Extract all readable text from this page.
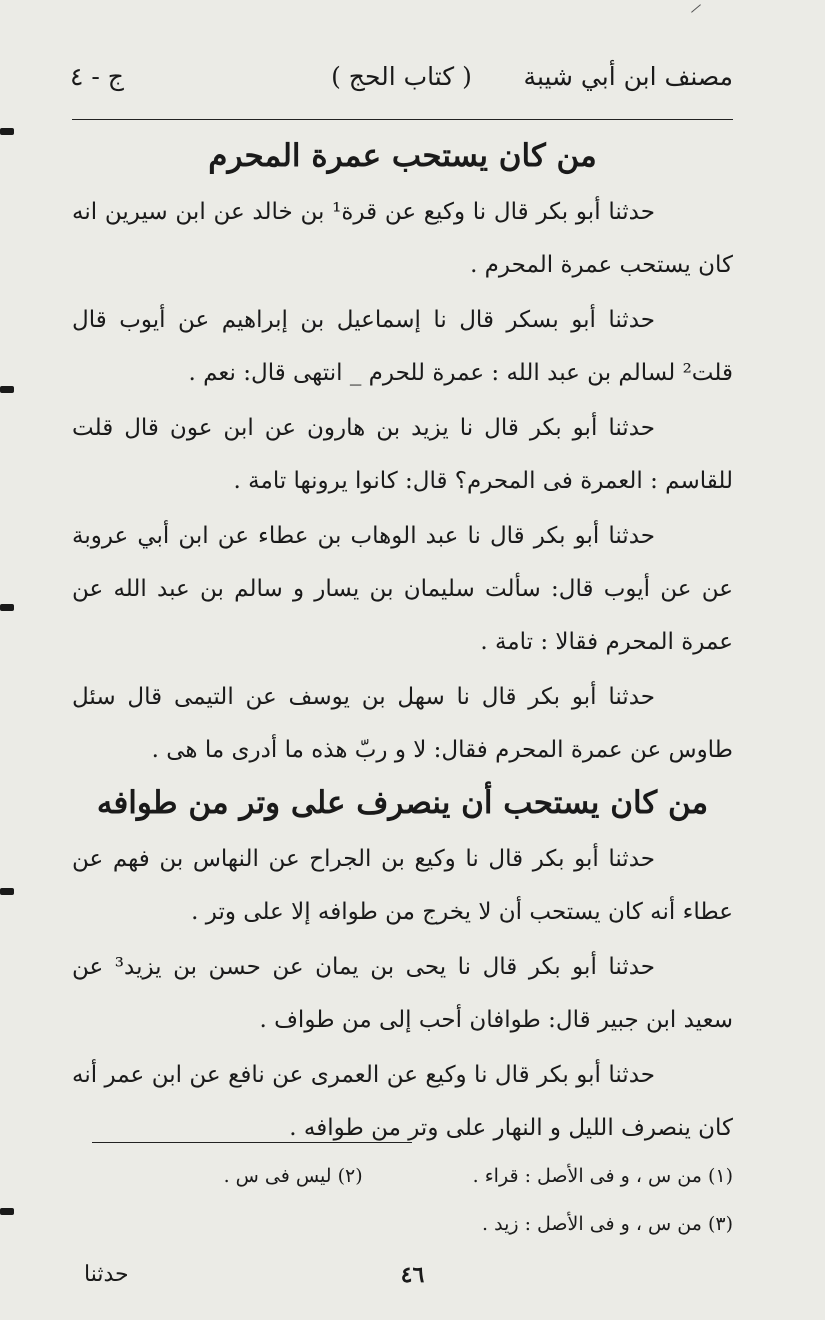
مصنف ابن أبي شيبة
( كتاب الحج )
ج - ٤
من كان يستحب عمرة المحرم

حدثنا أبو بكر قال نا وكيع عن قرة¹ بن خالد عن ابن سيرين انه كان يستحب عمرة المحرم .

حدثنا أبو بسكر قال نا إسماعيل بن إبراهيم عن أيوب قال قلت² لسالم بن عبد الله : عمرة للحرم _ انتهى قال: نعم .

حدثنا أبو بكر قال نا يزيد بن هارون عن ابن عون قال قلت للقاسم : العمرة فى المحرم؟ قال: كانوا يرونها تامة .

حدثنا أبو بكر قال نا عبد الوهاب بن عطاء عن ابن أبي عروبة عن عن أيوب قال: سألت سليمان بن يسار و سالم بن عبد الله عن عمرة المحرم فقالا : تامة .

حدثنا أبو بكر قال نا سهل بن يوسف عن التيمى قال سئل طاوس عن عمرة المحرم فقال: لا و ربّ هذه ما أدرى ما هى .

من كان يستحب أن ينصرف على وتر من طوافه

حدثنا أبو بكر قال نا وكيع بن الجراح عن النهاس بن فهم عن عطاء أنه كان يستحب أن لا يخرج من طوافه إلا على وتر .

حدثنا أبو بكر قال نا يحى بن يمان عن حسن بن يزيد³ عن سعيد ابن جبير قال: طوافان أحب إلى من طواف .

حدثنا أبو بكر قال نا وكيع عن العمرى عن نافع عن ابن عمر أنه كان ينصرف الليل و النهار على وتر من طوافه .

(١) من س ، و فى الأصل : قراء .
(٢) ليس فى س .
(٣) من س ، و فى الأصل : زيد .
٤٦
حدثنا
